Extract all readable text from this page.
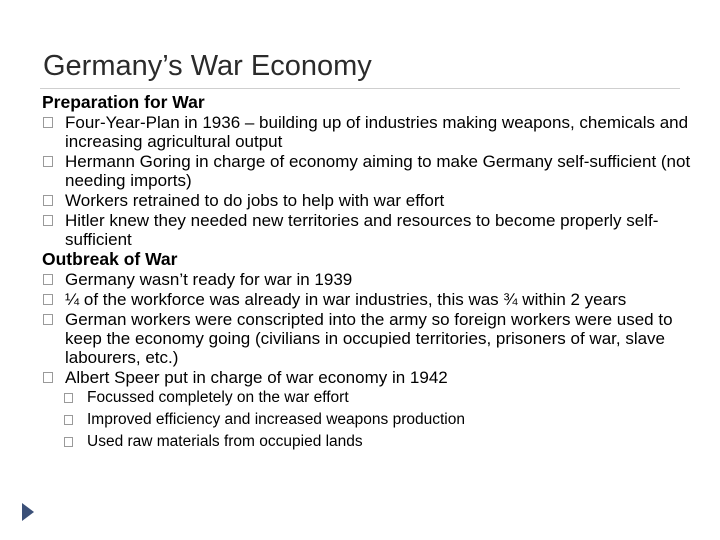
Germany’s War Economy
Preparation for War
Four-Year-Plan in 1936 – building up of industries making weapons, chemicals and increasing agricultural output
Hermann Goring in charge of economy aiming to make Germany self-sufficient (not needing imports)
Workers retrained to do jobs to help with war effort
Hitler knew they needed new territories and resources to become properly self-sufficient
Outbreak of War
Germany wasn’t ready for war in 1939
¼ of the workforce was already in war industries, this was ¾ within 2 years
German workers were conscripted into the army so foreign workers were used to keep the economy going (civilians in occupied territories, prisoners of war, slave labourers, etc.)
Albert Speer put in charge of war economy in 1942
Focussed completely on the war effort
Improved efficiency and increased weapons production
Used raw materials from occupied lands
